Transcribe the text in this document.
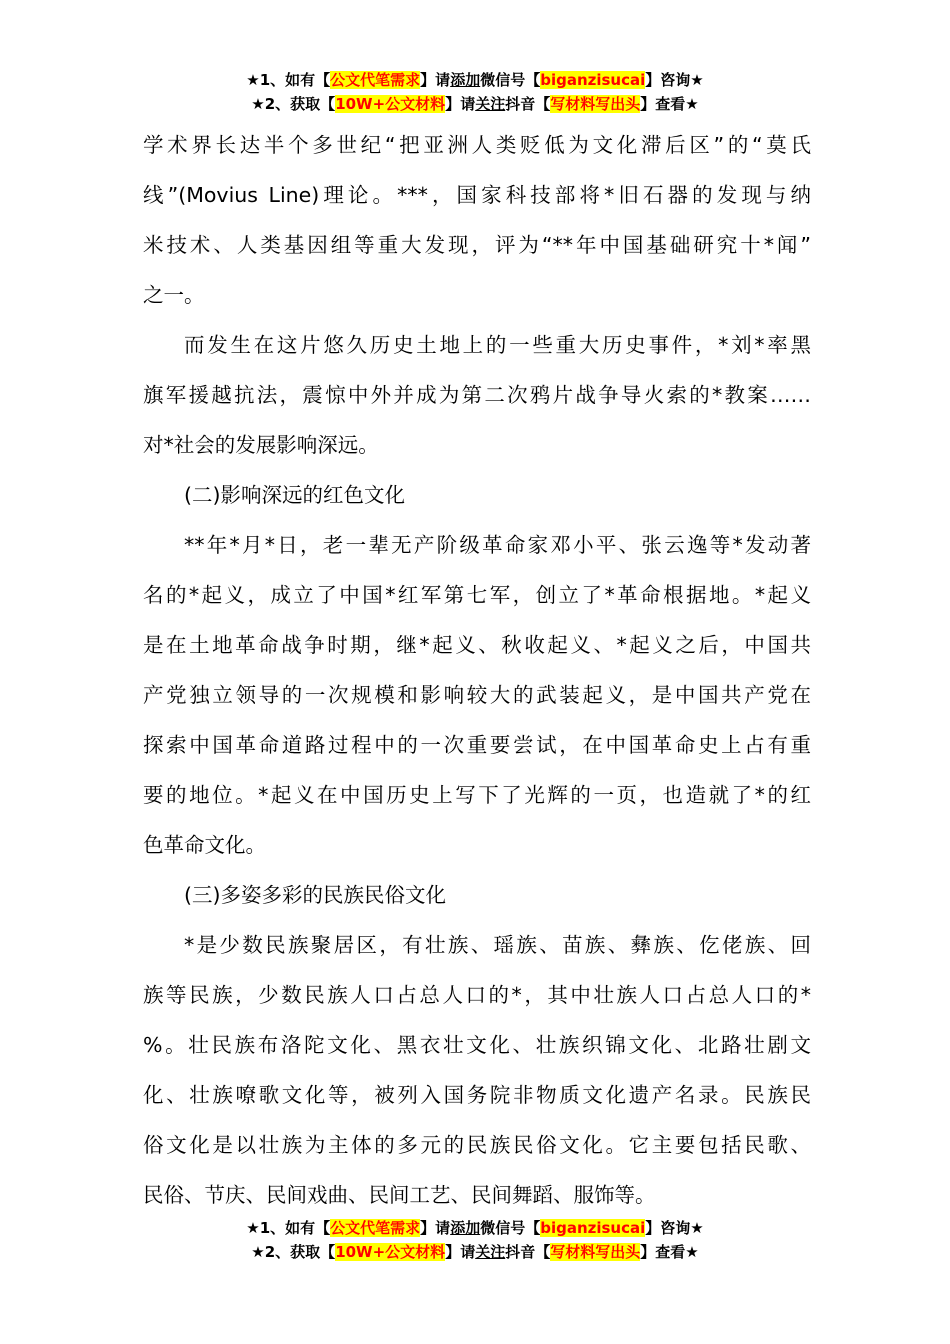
★1、如有【公文代笔需求】请添加微信号【biganzisucai】咨询★
★2、获取【10W+公文材料】请关注抖音【写材料写出头】查看★
学术界长达半个多世纪“把亚洲人类贬低为文化滞后区”的“莫氏
线”(Movius Line)理论。***，国家科技部将*旧石器的发现与纳
米技术、人类基因组等重大发现，评为“**年中国基础研究十*闻”
之一。
而发生在这片悠久历史土地上的一些重大历史事件，*刘*率黑
旗军援越抗法，震惊中外并成为第二次鸦片战争导火索的*教案……
对*社会的发展影响深远。
(二)影响深远的红色文化
**年*月*日，老一辈无产阶级革命家邓小平、张云逸等*发动著
名的*起义，成立了中国*红军第七军，创立了*革命根据地。*起义
是在土地革命战争时期，继*起义、秋收起义、*起义之后，中国共
产党独立领导的一次规模和影响较大的武装起义，是中国共产党在
探索中国革命道路过程中的一次重要尝试，在中国革命史上占有重
要的地位。*起义在中国历史上写下了光辉的一页，也造就了*的红
色革命文化。
(三)多姿多彩的民族民俗文化
*是少数民族聚居区，有壮族、瑶族、苗族、彝族、仡佬族、回
族等民族，少数民族人口占总人口的*，其中壮族人口占总人口的*
%。壮民族布洛陀文化、黑衣壮文化、壮族织锦文化、北路壮剧文
化、壮族嘹歌文化等，被列入国务院非物质文化遗产名录。民族民
俗文化是以壮族为主体的多元的民族民俗文化。它主要包括民歌、
民俗、节庆、民间戏曲、民间工艺、民间舞蹈、服饰等。
★1、如有【公文代笔需求】请添加微信号【biganzisucai】咨询★
★2、获取【10W+公文材料】请关注抖音【写材料写出头】查看★
